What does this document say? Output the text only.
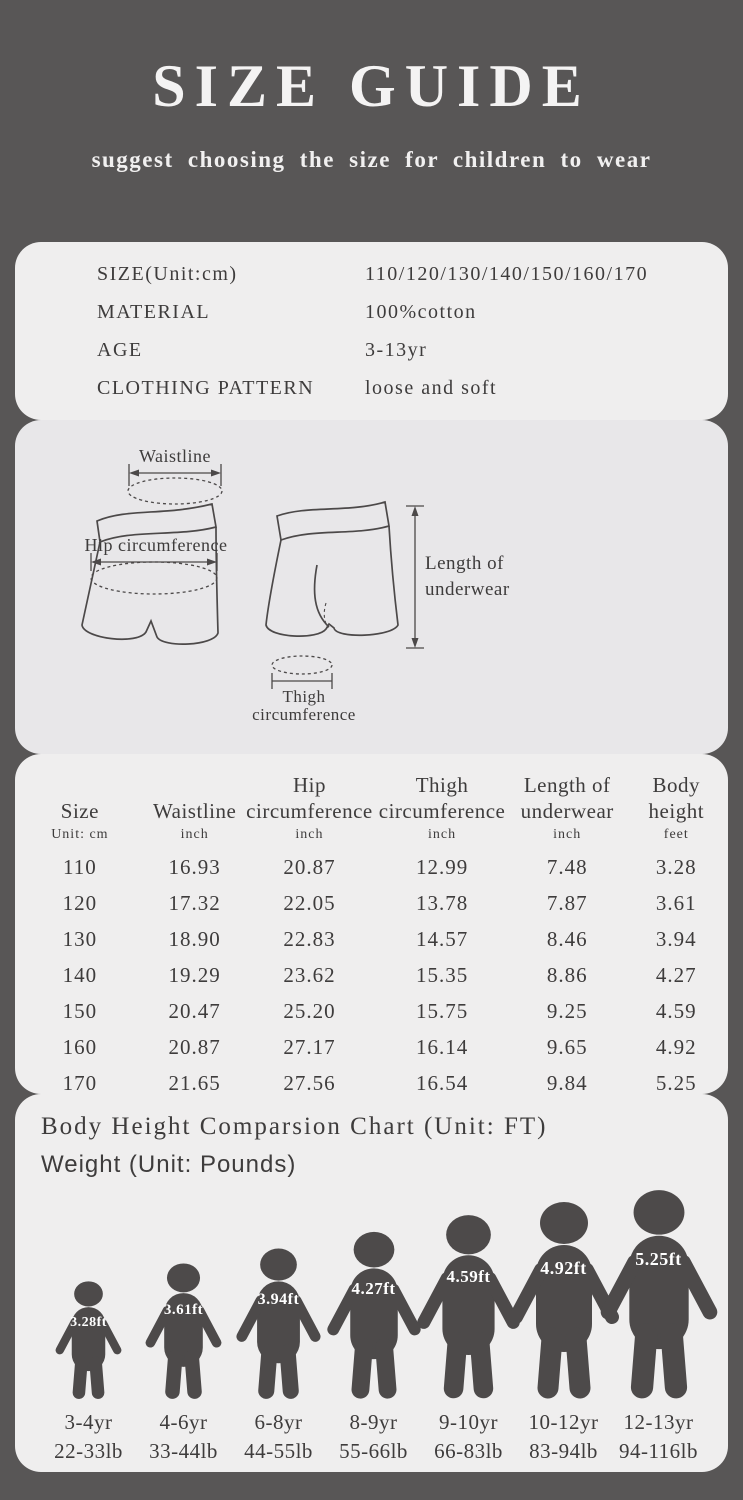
SIZE GUIDE

suggest choosing the size for children to wear

SIZE(Unit:cm)	110/120/130/140/150/160/170
MATERIAL	100%cotton
AGE	3-13yr
CLOTHING PATTERN	loose and soft
Waistline
Hip circumference
Thigh
circumference
Length of
underwear
Size
Unit: cm

Waistline
inch

Hip circumference
inch

Thigh circumference
inch

Length of underwear
inch

Body height
feet

110	16.93	20.87	12.99	7.48	3.28
120	17.32	22.05	13.78	7.87	3.61
130	18.90	22.83	14.57	8.46	3.94
140	19.29	23.62	15.35	8.86	4.27
150	20.47	25.20	15.75	9.25	4.59
160	20.87	27.17	16.14	9.65	4.92
170	21.65	27.56	16.54	9.84	5.25
Body Height Comparsion Chart (Unit: FT)
Weight (Unit: Pounds)
3.28ft
3-4yr
22-33lb
3.61ft
4-6yr
33-44lb
3.94ft
6-8yr
44-55lb
4.27ft
8-9yr
55-66lb
4.59ft
9-10yr
66-83lb
4.92ft
10-12yr
83-94lb
5.25ft
12-13yr
94-116lb
